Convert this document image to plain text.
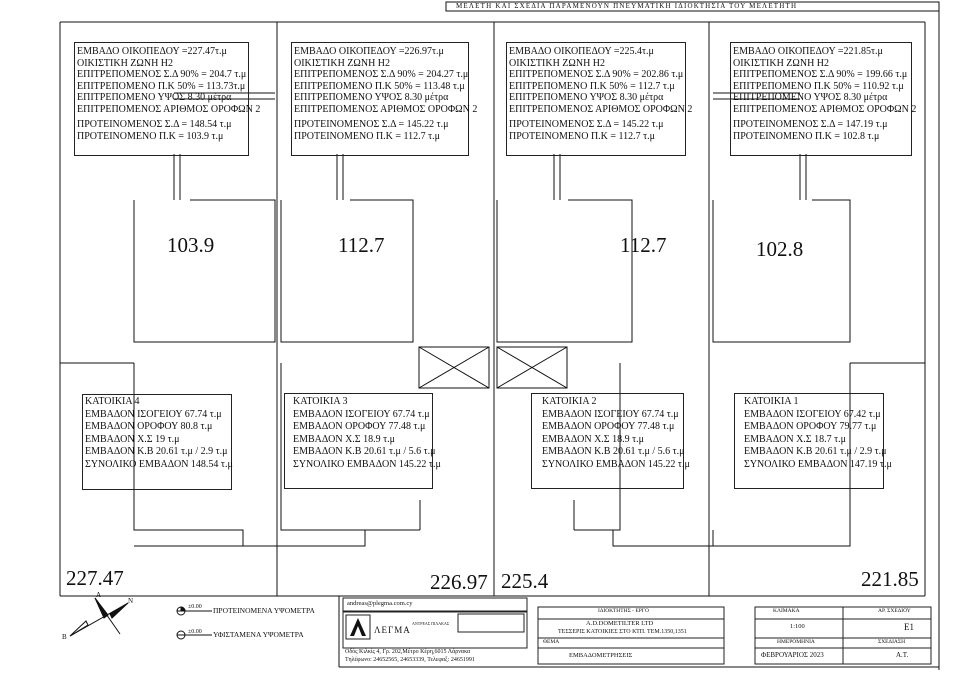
ΜΕΛΕΤΗ ΚΑΙ ΣΧΕΔΙΑ ΠΑΡΑΜΕΝΟΥΝ ΠΝΕΥΜΑΤΙΚΗ ΙΔΙΟΚΤΗΣΙΑ ΤΟΥ ΜΕΛΕΤΗΤΗ
ΕΜΒΑΔΟ ΟΙΚΟΠΕΔΟΥ =227.47τ.μ
ΟΙΚΙΣΤΙΚΗ ΖΩΝΗ Η2
ΕΠΙΤΡΕΠΟΜΕΝΟΣ Σ.Δ 90% = 204.7 τ.μ
ΕΠΙΤΡΕΠΟΜΕΝΟ Π.Κ 50% = 113.73τ.μ
ΕΠΙΤΡΕΠΟΜΕΝΟ ΥΨΟΣ 8.30 μέτρα
ΕΠΙΤΡΕΠΟΜΕΝΟΣ ΑΡΙΘΜΟΣ ΟΡΟΦΩΝ 2
ΠΡΟΤΕΙΝΟΜΕΝΟΣ Σ.Δ = 148.54 τ.μ
ΠΡΟΤΕΙΝΟΜΕΝΟ Π.Κ = 103.9 τ.μ
ΕΜΒΑΔΟ ΟΙΚΟΠΕΔΟΥ =226.97τ.μ
ΟΙΚΙΣΤΙΚΗ ΖΩΝΗ Η2
ΕΠΙΤΡΕΠΟΜΕΝΟΣ Σ.Δ 90% = 204.27 τ.μ
ΕΠΙΤΡΕΠΟΜΕΝΟ Π.Κ 50% = 113.48 τ.μ
ΕΠΙΤΡΕΠΟΜΕΝΟ ΥΨΟΣ 8.30 μέτρα
ΕΠΙΤΡΕΠΟΜΕΝΟΣ ΑΡΙΘΜΟΣ ΟΡΟΦΩΝ 2
ΠΡΟΤΕΙΝΟΜΕΝΟΣ Σ.Δ = 145.22 τ.μ
ΠΡΟΤΕΙΝΟΜΕΝΟ Π.Κ = 112.7 τ.μ
ΕΜΒΑΔΟ ΟΙΚΟΠΕΔΟΥ =225.4τ.μ
ΟΙΚΙΣΤΙΚΗ ΖΩΝΗ Η2
ΕΠΙΤΡΕΠΟΜΕΝΟΣ Σ.Δ 90% = 202.86 τ.μ
ΕΠΙΤΡΕΠΟΜΕΝΟ Π.Κ 50% = 112.7 τ.μ
ΕΠΙΤΡΕΠΟΜΕΝΟ ΥΨΟΣ 8.30 μέτρα
ΕΠΙΤΡΕΠΟΜΕΝΟΣ ΑΡΙΘΜΟΣ ΟΡΟΦΩΝ 2
ΠΡΟΤΕΙΝΟΜΕΝΟΣ Σ.Δ = 145.22 τ.μ
ΠΡΟΤΕΙΝΟΜΕΝΟ Π.Κ = 112.7 τ.μ
ΕΜΒΑΔΟ ΟΙΚΟΠΕΔΟΥ =221.85τ.μ
ΟΙΚΙΣΤΙΚΗ ΖΩΝΗ Η2
ΕΠΙΤΡΕΠΟΜΕΝΟΣ Σ.Δ 90% = 199.66 τ.μ
ΕΠΙΤΡΕΠΟΜΕΝΟ Π.Κ 50% = 110.92 τ.μ
ΕΠΙΤΡΕΠΟΜΕΝΟ ΥΨΟΣ 8.30 μέτρα
ΕΠΙΤΡΕΠΟΜΕΝΟΣ ΑΡΙΘΜΟΣ ΟΡΟΦΩΝ 2
ΠΡΟΤΕΙΝΟΜΕΝΟΣ Σ.Δ = 147.19 τ.μ
ΠΡΟΤΕΙΝΟΜΕΝΟ Π.Κ = 102.8 τ.μ
103.9	112.7	112.7	102.8
ΚΑΤΟΙΚΙΑ 4
ΕΜΒΑΔΟΝ ΙΣΟΓΕΙΟΥ 67.74 τ.μ
ΕΜΒΑΔΟΝ ΟΡΟΦΟΥ 80.8 τ.μ
ΕΜΒΑΔΟΝ Χ.Σ 19 τ.μ
ΕΜΒΑΔΟΝ Κ.Β 20.61 τ.μ / 2.9 τ.μ
ΣΥΝΟΛΙΚΟ ΕΜΒΑΔΟΝ 148.54 τ.μ
ΚΑΤΟΙΚΙΑ 3
ΕΜΒΑΔΟΝ ΙΣΟΓΕΙΟΥ 67.74 τ.μ
ΕΜΒΑΔΟΝ ΟΡΟΦΟΥ 77.48 τ.μ
ΕΜΒΑΔΟΝ Χ.Σ 18.9 τ.μ
ΕΜΒΑΔΟΝ Κ.Β 20.61 τ.μ / 5.6 τ.μ
ΣΥΝΟΛΙΚΟ ΕΜΒΑΔΟΝ 145.22 τ.μ
ΚΑΤΟΙΚΙΑ 2
ΕΜΒΑΔΟΝ ΙΣΟΓΕΙΟΥ 67.74 τ.μ
ΕΜΒΑΔΟΝ ΟΡΟΦΟΥ 77.48 τ.μ
ΕΜΒΑΔΟΝ Χ.Σ 18.9 τ.μ
ΕΜΒΑΔΟΝ Κ.Β 20.61 τ.μ / 5.6 τ.μ
ΣΥΝΟΛΙΚΟ ΕΜΒΑΔΟΝ 145.22 τ.μ
ΚΑΤΟΙΚΙΑ 1
ΕΜΒΑΔΟΝ ΙΣΟΓΕΙΟΥ 67.42 τ.μ
ΕΜΒΑΔΟΝ ΟΡΟΦΟΥ 79.77 τ.μ
ΕΜΒΑΔΟΝ Χ.Σ 18.7 τ.μ
ΕΜΒΑΔΟΝ Κ.Β 20.61 τ.μ / 2.9 τ.μ
ΣΥΝΟΛΙΚΟ ΕΜΒΑΔΟΝ 147.19 τ.μ
227.47	226.97 225.4	221.85
A
N
B
±0.00 ΠΡΟΤΕΙΝΟΜΕΝΑ ΥΨΟΜΕΤΡΑ
±0.00 ΥΦΙΣΤΑΜΕΝΑ ΥΨΟΜΕΤΡΑ
andreas@plegma.com.cy
ΛΕΓΜΑ
ΑΝΤΡΕΑΣ ΠΙΛΑΚΑΣ
Οδός Κιλκίς 4, Γρ. 202,Μέτρο Κέρη,6015 Λάρνακα
Τηλέφωνο: 24652565, 24653339, Τελεφαξ: 24651991
ΙΔΙΟΚΤΗΤΗΣ - ΕΡΓΟ
A.D.DOMETILTER LTD
ΤΕΣΣΕΡΙΣ ΚΑΤΟΙΚΙΕΣ ΣΤΟ ΚΤΠ. ΤΕΜ.1350,1351
ΘΕΜΑ
ΕΜΒΑΔΟΜΕΤΡΗΣΕΙΣ
ΚΛΙΜΑΚΑ	ΑΡ. ΣΧΕΔΙΟΥ
1:100	E1
ΗΜΕΡΟΜΗΝΙΑ	ΣΧΕΔΙΑΣΗ
ΦΕΒΡΟΥΑΡΙΟΣ 2023	Α.Τ.
